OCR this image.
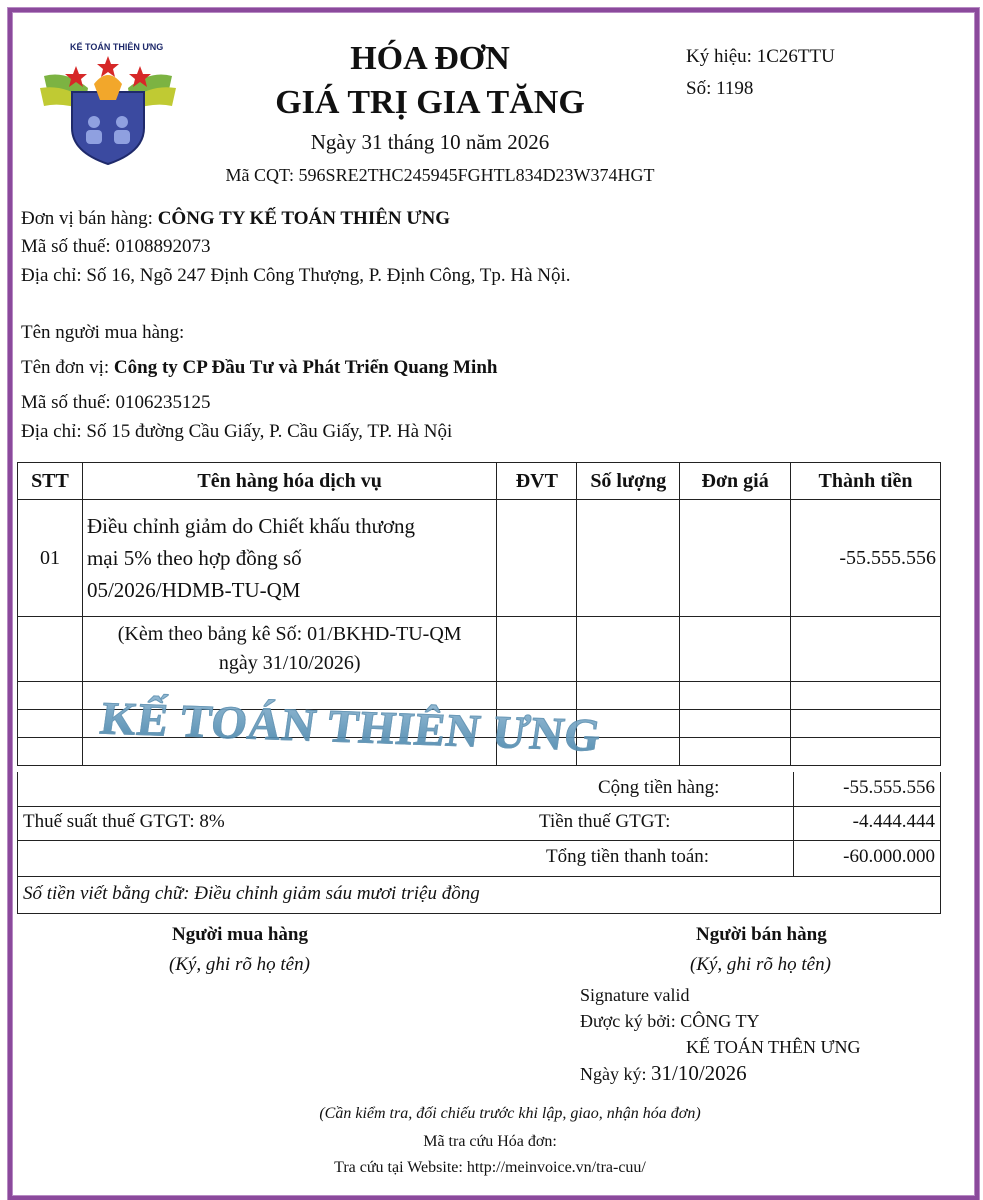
KẾ TOÁN THIÊN ƯNG	HÓA ĐƠN
GIÁ TRỊ GIA TĂNG
Ngày 31 tháng 10 năm 2026
Mã CQT: 596SRE2THC245945FGHTL834D23W374HGT
Ký hiệu: 1C26TTU
Số: 1198
Đơn vị bán hàng: CÔNG TY KẾ TOÁN THIÊN ƯNG
Mã số thuế: 0108892073
Địa chỉ: Số 16, Ngõ 247 Định Công Thượng, P. Định Công, Tp. Hà Nội.
Tên người mua hàng:
Tên đơn vị: Công ty CP Đầu Tư và Phát Triển Quang Minh
Mã số thuế: 0106235125
Địa chỉ: Số 15 đường Cầu Giấy, P. Cầu Giấy, TP. Hà Nội
STT	Tên hàng hóa dịch vụ	ĐVT	Số lượng	Đơn giá	Thành tiền
01	Điều chỉnh giảm do Chiết khấu thương
mại 5% theo hợp đồng số
05/2026/HDMB-TU-QM				-55.555.556

	(Kèm theo bảng kê Số: 01/BKHD-TU-QM
ngày 31/10/2026)				

KẾ TOÁN THIÊN ƯNG
Cộng tiền hàng:	-55.555.556
Thuế suất thuế GTGT: 8%	Tiền thuế GTGT:	-4.444.444
Tổng tiền thanh toán:	-60.000.000
Số tiền viết bằng chữ: Điều chỉnh giảm sáu mươi triệu đồng
Người mua hàng
(Ký, ghi rõ họ tên)
Người bán hàng
(Ký, ghi rõ họ tên)
Signature valid
Được ký bởi: CÔNG TY
KẾ TOÁN THÊN ƯNG
Ngày ký: 31/10/2026
(Cần kiểm tra, đối chiếu trước khi lập, giao, nhận hóa đơn)
Mã tra cứu Hóa đơn:
Tra cứu tại Website: http://meinvoice.vn/tra-cuu/
